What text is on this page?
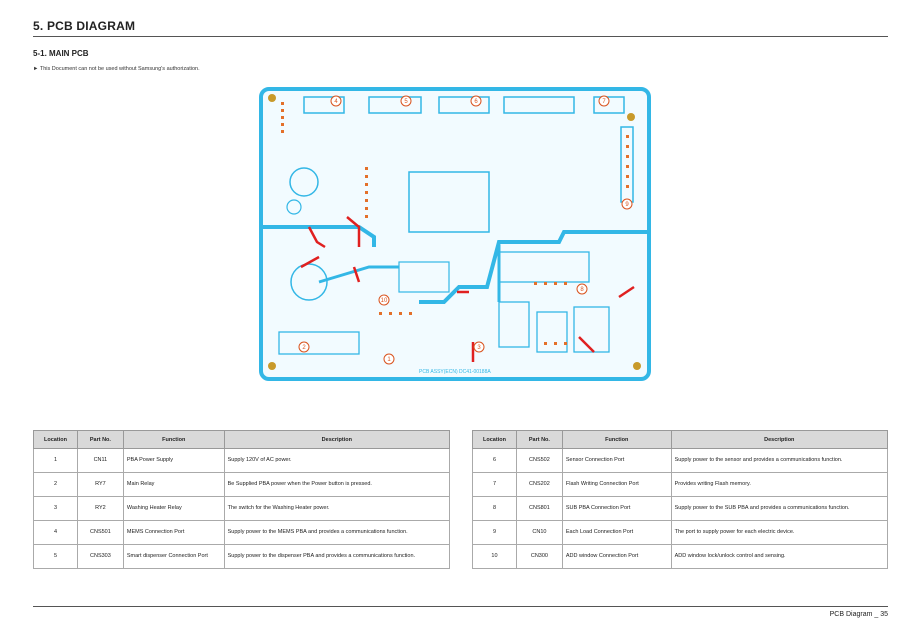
5. PCB DIAGRAM
5-1. MAIN PCB
► This Document can not be used without Samsung's authorization.
PCB ASSY(ECN) DC41-00188A
1
2	3
4	5	6	7
8
9
10
Location	Part No.	Function	Description
1	CN11	PBA Power Supply	Supply 120V of AC power.
2	RY7	Main Relay	Be Supplied PBA power when the Power button is pressed.
3	RY2	Washing Heater Relay	The switch for the Washing Heater power.
4	CNS501	MEMS Connection Port	Supply power to the MEMS PBA and provides a communications function.
5	CNS303	Smart dispenser Connection Port	Supply power to the dispenser PBA and provides a communications function.
Location	Part No.	Function	Description
6	CNS502	Sensor Connection Port	Supply power to the sensor and provides a communications function.
7	CNS202	Flash Writing Connection Port	Provides writing Flash memory.
8	CNS801	SUB PBA Connection Port	Supply power to the SUB PBA and provides a communications function.
9	CN10	Each Load Connection Port	The port to supply power for each electric device.
10	CN300	ADD window Connection Port	ADD window lock/unlock control and sensing.
PCB Diagram _ 35
